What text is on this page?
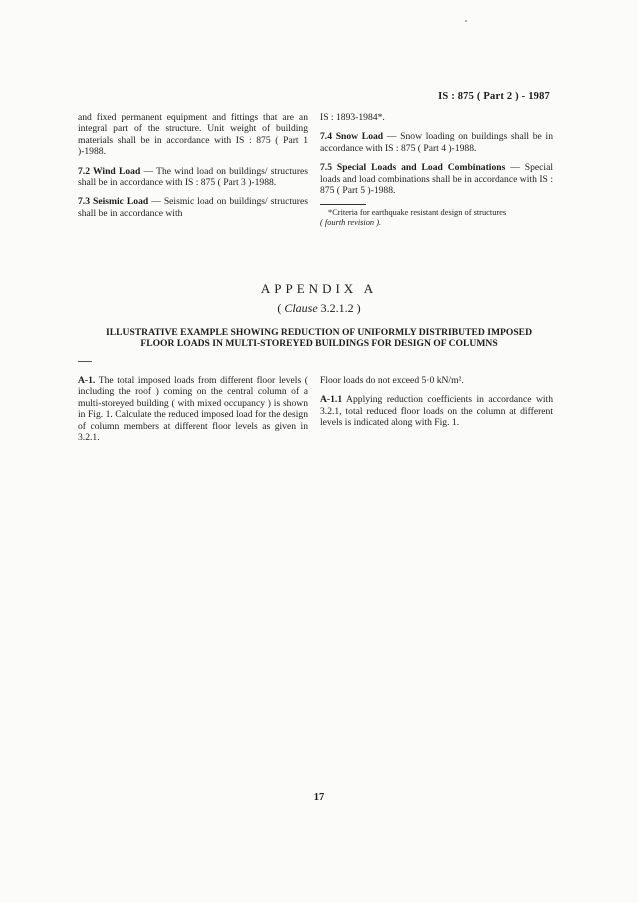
IS : 875 ( Part 2 ) - 1987

and fixed permanent equipment and fittings that are an integral part of the structure. Unit weight of building materials shall be in accordance with IS : 875 ( Part 1 )-1988.

7.2 Wind Load — The wind load on buildings/ structures shall be in accordance with IS : 875 ( Part 3 )-1988.

7.3 Seismic Load — Seismic load on buildings/ structures shall be in accordance with

IS : 1893-1984*.

7.4 Snow Load — Snow loading on buildings shall be in accordance with IS : 875 ( Part 4 )-1988.

7.5 Special Loads and Load Combinations — Special loads and load combinations shall be in accordance with IS : 875 ( Part 5 )-1988.

*Criteria for earthquake resistant design of structures
( fourth revision ).
APPENDIX A
( Clause 3.2.1.2 )
ILLUSTRATIVE EXAMPLE SHOWING REDUCTION OF UNIFORMLY DISTRIBUTED IMPOSED FLOOR LOADS IN MULTI-STOREYED BUILDINGS FOR DESIGN OF COLUMNS

A-1. The total imposed loads from different floor levels ( including the roof ) coming on the central column of a multi-storeyed building ( with mixed occupancy ) is shown in Fig. 1. Calculate the reduced imposed load for the design of column members at different floor levels as given in 3.2.1.

Floor loads do not exceed 5·0 kN/m².

A-1.1 Applying reduction coefficients in accordance with 3.2.1, total reduced floor loads on the column at different levels is indicated along with Fig. 1.

17
